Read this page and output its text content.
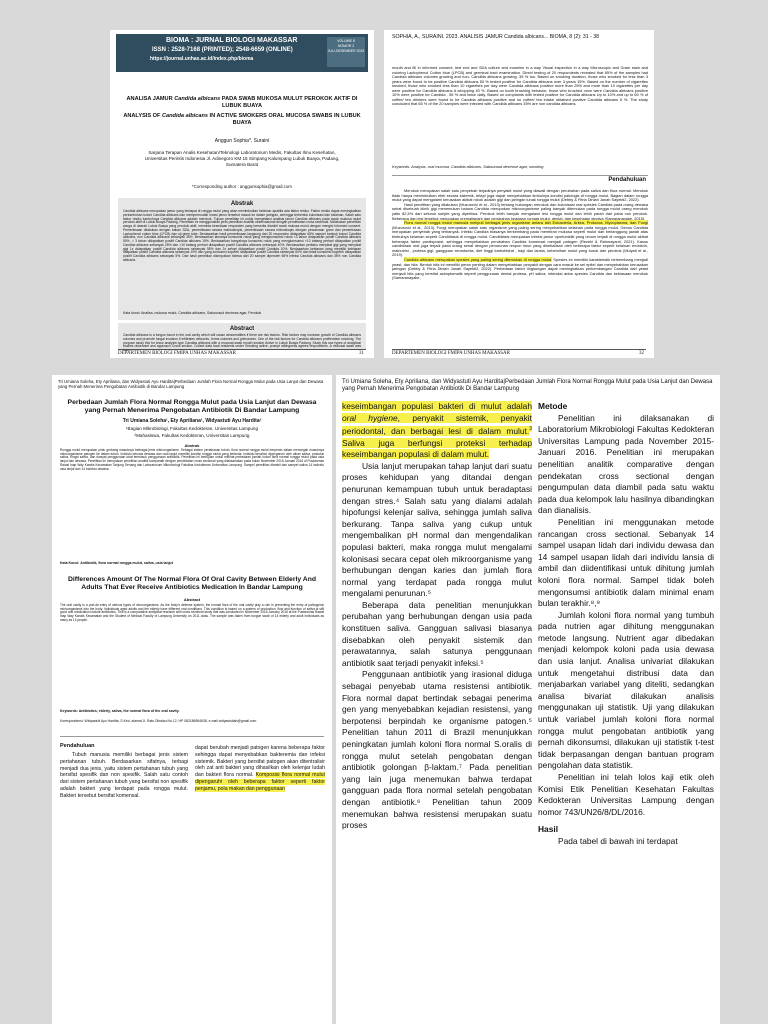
BIOMA : JURNAL BIOLOGI MAKASSAR
ISSN : 2528-7168 (PRINTED); 2548-6659 (ONLINE)
https://journal.unhas.ac.id/index.php/bioma
VOLUME 8
NOMOR 2
JULI-DESEMBER 2023
ANALISA JAMUR Candida albicans PADA SWAB MUKOSA MULUT PEROKOK AKTIF DI LUBUK BUAYA
ANALYSIS OF Candida albicans IN ACTIVE SMOKERS ORAL MUCOSA SWABS IN LUBUK BUAYA
Anggun Sophia*, Suraini
Sarjana Terapan Analis Kesehatan/Teknologi Laboratorium Medis, Fakultas Ilmu Kesehatan, Universitas Perintis Indonesia Jl. Adinegoro KM 15 Simpang Kalumpang Lubuk Buaya, Padang, Sumatera Barat
*Corresponding author : anggunsophia@gmail.com
Abstrak
Candida albicans merupakan jamur yang terdapat di rongga mulut yang akan menimbulkan kelainan apabila ada faktor resiko. Faktor resiko dapat meningkatkan pertumbuhan koloni Candida albicans dan mempermudah invasi jamur tersebut masuk ke dalam jaringan, sehingga terbentuk kolonisasi dan kelainan. Salah satu faktor resiko tumbuhnya Candida albicans adalah merokok. Tujuan penelitian ini untuk mengetahui analisis jamur Candida albicans pada swab mukosa mulut perokok aktif di Lubuk Buaya Padang. Penelitian ini menggunakan jenis penelitian Analitik observasional dengan pendekatan cross sectional. Melakukan penelitian warga di daerah Lubuk Buaya yang perokok aktif, meminta kesediaan responden yang bersedia diambil swab mukosa mulut dengan mengisi informed consent. Pemeriksaan dilakukan dengan bakan SDA, pemeriksaan secara makroskopis, pemeriksaan secara mikroskopis dengan pewarnaan gram dan pemeriksaan Lactophenol cotton blue (LPCB) dan uji germ tube. Berdasarkan hasil pemeriksaan langsung dari 20 responden didapatkan 65% sampel tumbuh koloni Candida albicans, non Candida albicans sebanyak 35%. Berdasarkan lamanya konsumsi rokok yang mengkonsumsi rokok <3 tahun didapatkan positif Candida albicans 50%, > 3 tahun didapatkan positif Candida albicans 15%. Berdasarkan banyaknya konsumsi rokok yang mengkonsumsi <10 batang perhari didapatkan positif Candida albicans sebanyak 25% dan >10 batang perhari didapatkan positif Candida albicans sebanyak 40%. Berdasarkan perilaku menyikat gigi yang menyikat gigi 1x didapatkan positif Candida albicans sebanyak 55% dan 2x sehari didapatkan positif Candida 10%. Berdasarkan kebiasan yang memiliki kebiasan ditapatkan positif Candida albicans sebanyak 10% dan yang konsumsi kopi/teh didapatkan positif Candida sebanyak 60% dan tidak konsumsi kopi/teh didapatkan positif Candida albicans sebanyak 5%. Dari hasil penelitian disimpulkan bahwa dari 20 sampel diperoleh 65% infeksi Candida albicans dan 35% non Candida albicans.
Kata kunci: Analisa, mukosa mulut, Candida albicans, Sabouraud dextrose agar, Perokok
Abstract
Candida albicans is a fungus found in the oral cavity which will cause abnormalities if there are risk factors. Risk factors may increase growth of Candida albicans colonies and promote fungal invasion it infiltrates networks, forms colonies and grievances. One of the risk factors for Candida albicans proliferation smoking. The purpose study this for know analysis type Candida albicans with a mucosal swab mouth smoker Active in Lubuk Buaya Padang. Study this use types of analytical studies observant and approach Cross section. Collect data local residents under Smoking active, prompt willingness agrees respondents. A mucosal swab was taken
DEPARTEMEN BIOLOGI FMIPA UNHAS MAKASSAR	31
SOPHIA, A., SURAINI. 2023. ANALISIS JAMUR Candida albicans... BIOMA, 8 (2): 31 - 38
mouth and fill in informed consent, test end and SDA culture and examine in a way Visual inspection in a way Microscopic and Gram stain and coloring Lactophenol Cotton blue (LPCB) and germinal tract examination. Direct testing of 20 respondents revealed that 65% of the samples had Candida albicans colonies growing and non- Candida albicans growing: 35 % too. Based on smoking duration, those who smoked for less than 3 years were found to be positive Candida albicans 50 % tested positive for Candida albicans over 3 years 15%. Based on the number of cigarettes smoked, those who smoked less than 10 cigarettes per day were Candida albicans positive more than 25% and more than 10 cigarettes per day were positive for Candida albicans A whopping 40 %. Based on tooth brushing behavior, those who brushed once were Candida albicans positive 10% were positive for Candida . 55 % and twice daily. Based on complaints with tested positive for Candida albicans Up to 10% and up to 60 % of coffee/ tea drinkers were found to be Candida albicans positive and no coffee/ tea intake obtained positive Candida albicans 5 %. The study concluded that 65 % of the 20 samples were infected with Candida albicans 35% are non candida albicans.
Keywords: Analysis, oral mucosa, Candida albicans, Sabouraud dextrose agar, smoking
Pendahuluan
Merokok merupakan salah satu penyebab terjadinya penyakit mulut yang diawali dengan perubahan pada saliva dan flora normal. Merokok tidak hanya menimbulkan efek secara sistemik, tetapi juga dapat menyebabkan timbulnya kondisi patologis di rongga mulut. Bagian dalam rongga mulut yang dapat mengalami kerusakan akibat rokok adalah gigi dan jaringan lunak rongga mulut (Debby & Fitria Diniah Janah Sayekti2, 2022).
Hasil penelitian yang dilakukan (Muzurović et al., 2013) tentang hubungan merokok dan kolonisasi oral spesies Candida pada orang dewasa sehat disebuah klinik gigi menemukan bahwa Candida merupakan mikroorganisme paling banyak ditemukan pada rongga mulut orang merokok yaitu 82,5% dari seluruh subjek yang diperiksa. Perokok lebih banyak mengalami lesi rongga mulut dan lebih parah dari pada non perokok. Beberapa dari lesi tersebut merupakan premalignant dan perubahan keadaan rongga mulut, dental, dan kesehatan gingiva (Samaranayake, 2015).
Flora normal rongga mulut manusia meliputi berbagai jenis organisme antara lain Eubacteria, Arkea, Protozoa, Mycoplasma, dan Fungi (Muzurović et al., 2013). Fungi merupakan salah satu organisme yang paling sering menyebabkan kelainan pada rongga mulut. Genus Candida merupakan penyebab yang terbanyak. Infeksi Candida biasanya berkembang pada membran mukosa seperti mulut dan berlanggung jawab atas timbulnya kelainan seperti Candidiasis di rongga mulut. Candidiasis merupakan infeksi jamur oportunistik yang umum terjadi di rongga mulut akibat beberapa faktor predisposisi, sehingga menyebabkan perubahan Candida komensal menjadi patogen (Rezeki & Rahmayanti, 2021). Kasus candidiasis oral juga terjadi pada orang sehat dengan penurunan respon imun yang disebabkan oleh beberapa faktor seperti kelainan endokrin, malnutrisi , protesa gigi, gangguan xerostomia, diet tinggi karbohidrat , bayi dan lansia, kebersihan mulut yang buruk dan perokok (Mulyati et al., 2019).
Candida albicans merupakan spesies yang paling sering ditemukan di rongga mulut. Spesies ini memiliki karakteristik berkembang menjadi yeast, dan hifa. Bentuk hifa ini memiliki peran penting dalam menyebabkan penyakit dengan cara masuk ke sel epitel dan menyebabkan kerusakan jaringan (Debby & Fitria Diniah Janah Sayekti2, 2022). Perbedaan faktor lingkungan dapat meningkatkan perkembangan Candida dari yeast menjadi hifa yang bersifat asimptomatik seperti penggunaan dental protesa, pH saliva, interaksi antar spesies Candida dan kebiasaan merokok (Samaranayake,
DEPARTEMEN BIOLOGI FMIPA UNHAS MAKASSAR	32
Tri Umiana Soleha, Ety Apriliana, dan Widyastuti Ayu Hardita|Perbedaan Jumlah Flora Normal Rongga Mulut pada Usia Lanjut dan Dewasa yang Pernah Menerima Pengobatan Antibiotik di Bandar Lampung
Perbedaan Jumlah Flora Normal Rongga Mulut pada Usia Lanjut dan Dewasa yang Pernah Menerima Pengobatan Antibiotik Di Bandar Lampung
Tri Umiana Soleha¹, Ety Apriliana¹, Widyastuti Ayu Hardita²
¹Bagian Mikrobiologi, Fakultas Kedokteran, Universitas Lampung
²Mahasiswa, Fakultas Kedokteran, Universitas Lampung
Abstrak
Rongga mulut merupakan pintu gerbang masuknya berbagai jenis mikroorganisme. Sebagai sistem pertahanan tubuh, flora normal rongga mulut berperan dalam mencegah masuknya mikroorganisme patogen ke dalam tubuh. Individu berusia dewasa dan usia lanjut memiliki kondisi rongga mulut yang berbeda. Individu tersebut dipengaruhi oleh aliran saliva, produksi saliva, fungsi saliva, dan riwayat penggunaan obat termasuk penggunaan antibiotik. Penelitian ini bertujuan untuk melihat perbedaan jumlah koloni flora normal rongga mulut pada usia lanjut dan dewasa. Penelitian ini merupakan penelitian analitik komparatif dengan pendekatan cross sectional yang dilaksanakan pada bulan November 2015-Januari 2016 di Puskesmas Rawat Inap Way Kandis Kecamatan Tanjung Senang dan Laboratorium Mikrobiologi Fakultas Kedokteran Universitas Lampung. Sampel penelitian diambil dari sampel saliva 14 individu usia lanjut dan 14 individu dewasa.
Kata Kunci: Antibiotik, flora normal rongga mulut, saliva, usia lanjut
Differences Amount Of The Normal Flora Of Oral Cavity Between Elderly And Adults That Ever Receive Antibiotics Medication In Bandar Lampung
Abstract
The oral cavity is a port-de-entry of various types of microorganisms. As the body's defense system, the normal flora of the oral cavity play a role in preventing the entry of pathogenic microorganisms into the body. Individuals aged adults and the elderly have different oral conditions. This condition is based on a system of production, flow and function of saliva is still good and medication include antibiotics. This is a comparative analytical research with cross sectional study that was conducted in November 2015-January 2016 at the Puskesmas Rawat Inap Way Kandis Kecamatan and the Student of Medical Faculty of Lampung University on 2011 class. The sample was taken from tongue swab of 14 elderly and adult individuals as many as 14 people.
Keywords: Antibiotics, elderly, saliva, the normal flora of the oral cavity.
Korespondensi: Widyastuti Ayu Hardita, S.Ked, alamat Jl. Ratu Dibalau No.12, HP 082186984638, e-mail widyastutiah@gmail.com
Pendahuluan
Tubuh manusia memiliki berbagai jenis sistem pertahanan tubuh. Berdasarkan sifatnya, terbagi menjadi dua jenis, yaitu sistem pertahanan tubuh yang bersifat spesifik dan non spesifik. Salah satu contoh dari sistem pertahanan tubuh yang bersifat non spesifik adalah bakteri yang terdapat pada rongga mulut. Bakteri tersebut bersifat komensal.
dapat berubah menjadi patogen karena beberapa faktor sehingga dapat menyebabkan bakteremia dan infeksi sistemik. Bakteri yang bersifat patogen akan ditentralisir oleh zat anti bakteri yang dihasilkan oleh kelenjar ludah dan bakteri flora normal. Komposisi flora normal mulut dipengaruhi oleh beberapa faktor seperti faktor penjamu, pola makan dan penggunaan
Tri Umiana Soleha, Ety Apriliana, dan Widyastuti Ayu Hardita|Perbedaan Jumlah Flora Normal Rongga Mulut pada Usia Lanjut dan Dewasa yang Pernah Menerima Pengobatan Antibiotik Di Bandar Lampung
keseimbangan populasi bakteri di mulut adalah oral hygiene, penyakit sistemik, penyakit periodontal, dan berbagai lesi di dalam mulut.$^3$ Saliva juga berfungsi proteksi terhadap keseimbangan populasi di dalam mulut.
Usia lanjut merupakan tahap lanjut dari suatu proses kehidupan yang ditandai dengan penurunan kemampuan tubuh untuk beradaptasi dengan stres.⁴ Salah satu yang dialami adalah hipofungsi kelenjar saliva, sehingga jumlah saliva berkurang. Tanpa saliva yang cukup untuk mengembalikan pH normal dan mengendalikan populasi bakteri, maka rongga mulut mengalami kolonisasi secara cepat oleh mikroorganisme yang berhubungan dengan karies dan jumlah flora normal yang terdapat pada rongga mulut mengalami penurunan.⁵
Beberapa data penelitian menunjukkan perubahan yang berhubungan dengan usia pada konstituen saliva. Gangguan salivasi biasanya disebabkan oleh penyakit sistemik dan perawatannya, salah satunya penggunaan antibiotik saat terjadi penyakit infeksi.⁵
Penggunaan antibiotik yang irasional diduga sebagai penyebab utama resistensi antibiotik. Flora normal dapat bertindak sebagai penerima gen yang menyebabkan kejadian resistensi, yang berpotensi berpindah ke organisme patogen.⁵ Penelitian tahun 2011 di Brazil menunjukkan peningkatan jumlah koloni flora normal S.oralis di rongga mulut setelah pengobatan dengan antibiotik golongan β-laktam.⁷ Pada penelitian yang lain juga menemukan bahwa terdapat gangguan pada flora normal setelah pengobatan dengan antibiotik.⁶ Penelitian tahun 2009 menemukan bahwa resistensi merupakan suatu proses
Metode
Penelitian ini dilaksanakan di Laboratorium Mikrobiologi Fakultas Kedokteran Universitas Lampung pada November 2015-Januari 2016. Penelitian ini merupakan penelitian analitik comparative dengan pendekatan cross sectional dengan pengumpulan data diambil pada satu waktu pada dua kelompok lalu hasilnya dibandingkan dan dianalisis.
Penelitian ini menggunakan metode rancangan cross sectional. Sebanyak 14 sampel usapan lidah dari individu dewasa dan 14 sampel usapan lidah dari individu lansia di ambil dan diidentifikasi untuk dihitung jumlah koloni flora normal. Sampel tidak boleh mengonsumsi antibiotik dalam minimal enam bulan terakhir.⁸,⁹
Jumlah koloni flora normal yang tumbuh pada nutrien agar dihitung menggunakan metode langsung. Nutrient agar dibedakan menjadi kelompok koloni pada usia dewasa dan usia lanjut. Analisa univariat dilakukan untuk mengetahui distribusi data dan menjabarkan variabel yang diteliti, sedangkan analisa bivariat dilakukan analisis menggunakan uji statistik. Uji yang dilakukan untuk variabel jumlah koloni flora normal rongga mulut pengobatan antibiotik yang pernah dikonsumsi, dilakukan uji statistik t-test tidak berpasangan dengan bantuan program pengolahan data statistik.
Penelitian ini telah lolos kaji etik oleh Komisi Etik Penelitian Kesehatan Fakultas Kedokteran Universitas Lampung dengan nomor 743/UN26/8/DL/2016.
Hasil
Pada tabel di bawah ini terdapat
